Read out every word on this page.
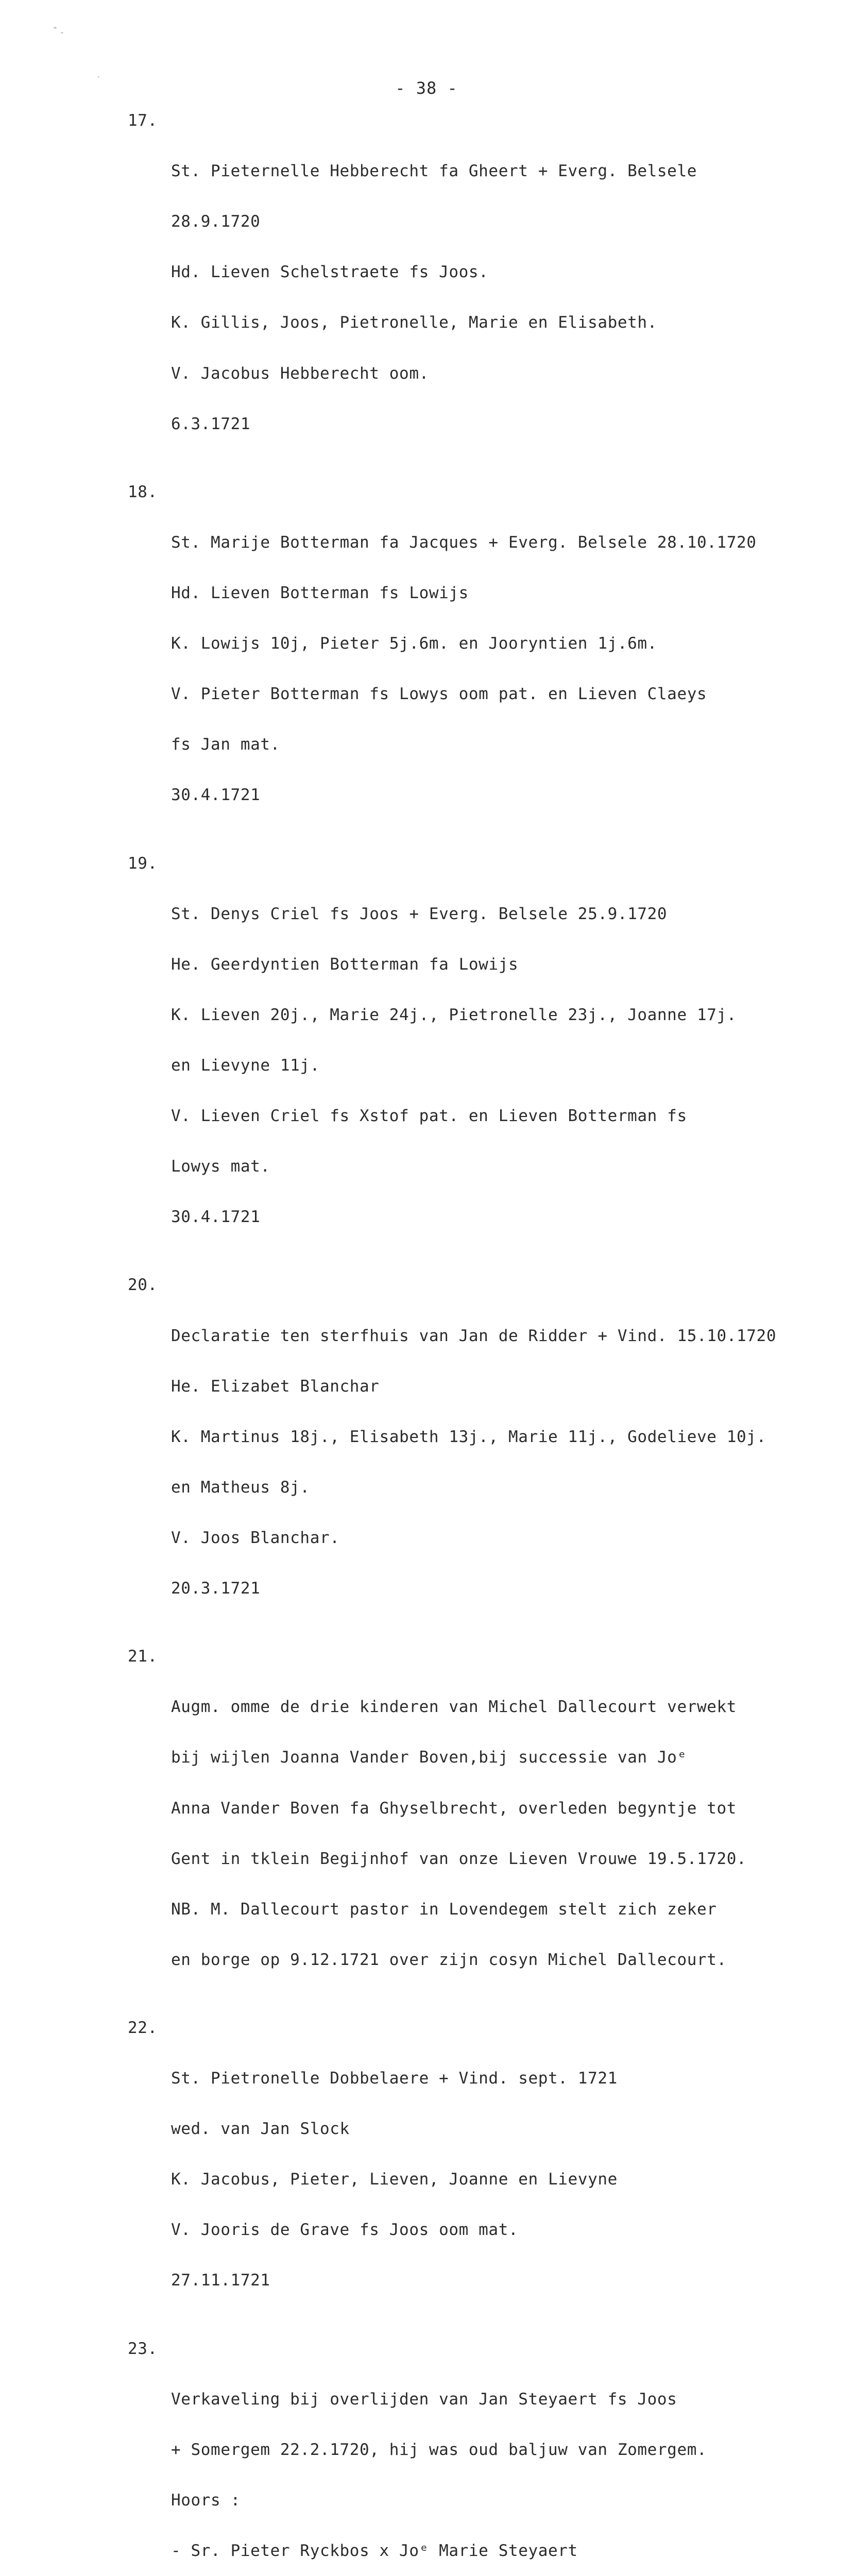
- 38 -

17.

St. Pieternelle Hebberecht fa Gheert + Everg. Belsele

28.9.1720

Hd. Lieven Schelstraete fs Joos.

K. Gillis, Joos, Pietronelle, Marie en Elisabeth.

V. Jacobus Hebberecht oom.

6.3.1721

18.

St. Marije Botterman fa Jacques + Everg. Belsele 28.10.1720

Hd. Lieven Botterman fs Lowijs

K. Lowijs 10j, Pieter 5j.6m. en Jooryntien 1j.6m.

V. Pieter Botterman fs Lowys oom pat. en Lieven Claeys

fs Jan mat.

30.4.1721

19.

St. Denys Criel fs Joos + Everg. Belsele 25.9.1720

He. Geerdyntien Botterman fa Lowijs

K. Lieven 20j., Marie 24j., Pietronelle 23j., Joanne 17j.

en Lievyne 11j.

V. Lieven Criel fs Xstof pat. en Lieven Botterman fs

Lowys mat.

30.4.1721

20.

Declaratie ten sterfhuis van Jan de Ridder + Vind. 15.10.1720

He. Elizabet Blanchar

K. Martinus 18j., Elisabeth 13j., Marie 11j., Godelieve 10j.

en Matheus 8j.

V. Joos Blanchar.

20.3.1721

21.

Augm. omme de drie kinderen van Michel Dallecourt verwekt

bij wijlen Joanna Vander Boven,bij successie van Joᵉ

Anna Vander Boven fa Ghyselbrecht, overleden begyntje tot

Gent in tklein Begijnhof van onze Lieven Vrouwe 19.5.1720.

NB. M. Dallecourt pastor in Lovendegem stelt zich zeker

en borge op 9.12.1721 over zijn cosyn Michel Dallecourt.

22.

St. Pietronelle Dobbelaere + Vind. sept. 1721

wed. van Jan Slock

K. Jacobus, Pieter, Lieven, Joanne en Lievyne

V. Jooris de Grave fs Joos oom mat.

27.11.1721

23.

Verkaveling bij overlijden van Jan Steyaert fs Joos

+ Somergem 22.2.1720, hij was oud baljuw van Zomergem.

Hoors :

- Sr. Pieter Ryckbos x Joᵉ Marie Steyaert
